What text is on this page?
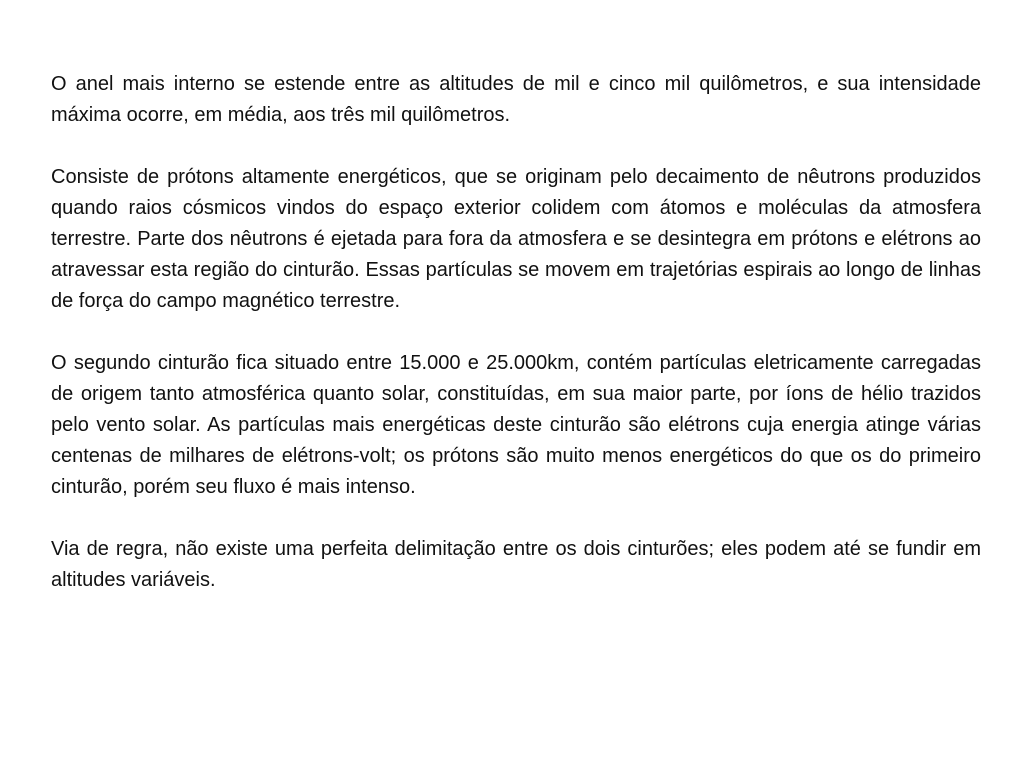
O anel mais interno se estende entre as altitudes de mil e cinco mil quilômetros, e sua intensidade máxima ocorre, em média, aos três mil quilômetros.

Consiste de prótons altamente energéticos, que se originam pelo decaimento de nêutrons produzidos quando raios cósmicos vindos do espaço exterior colidem com átomos e moléculas da atmosfera terrestre. Parte dos nêutrons é ejetada para fora da atmosfera e se desintegra em prótons e elétrons ao atravessar esta região do cinturão. Essas partículas se movem em trajetórias espirais ao longo de linhas de força do campo magnético terrestre.

O segundo cinturão fica situado entre 15.000 e 25.000km, contém partículas eletricamente carregadas de origem tanto atmosférica quanto solar, constituídas, em sua maior parte, por íons de hélio trazidos pelo vento solar. As partículas mais energéticas deste cinturão são elétrons cuja energia atinge várias centenas de milhares de elétrons-volt; os prótons são muito menos energéticos do que os do primeiro cinturão, porém seu fluxo é mais intenso.

Via de regra, não existe uma perfeita delimitação entre os dois cinturões; eles podem até se fundir em altitudes variáveis.
